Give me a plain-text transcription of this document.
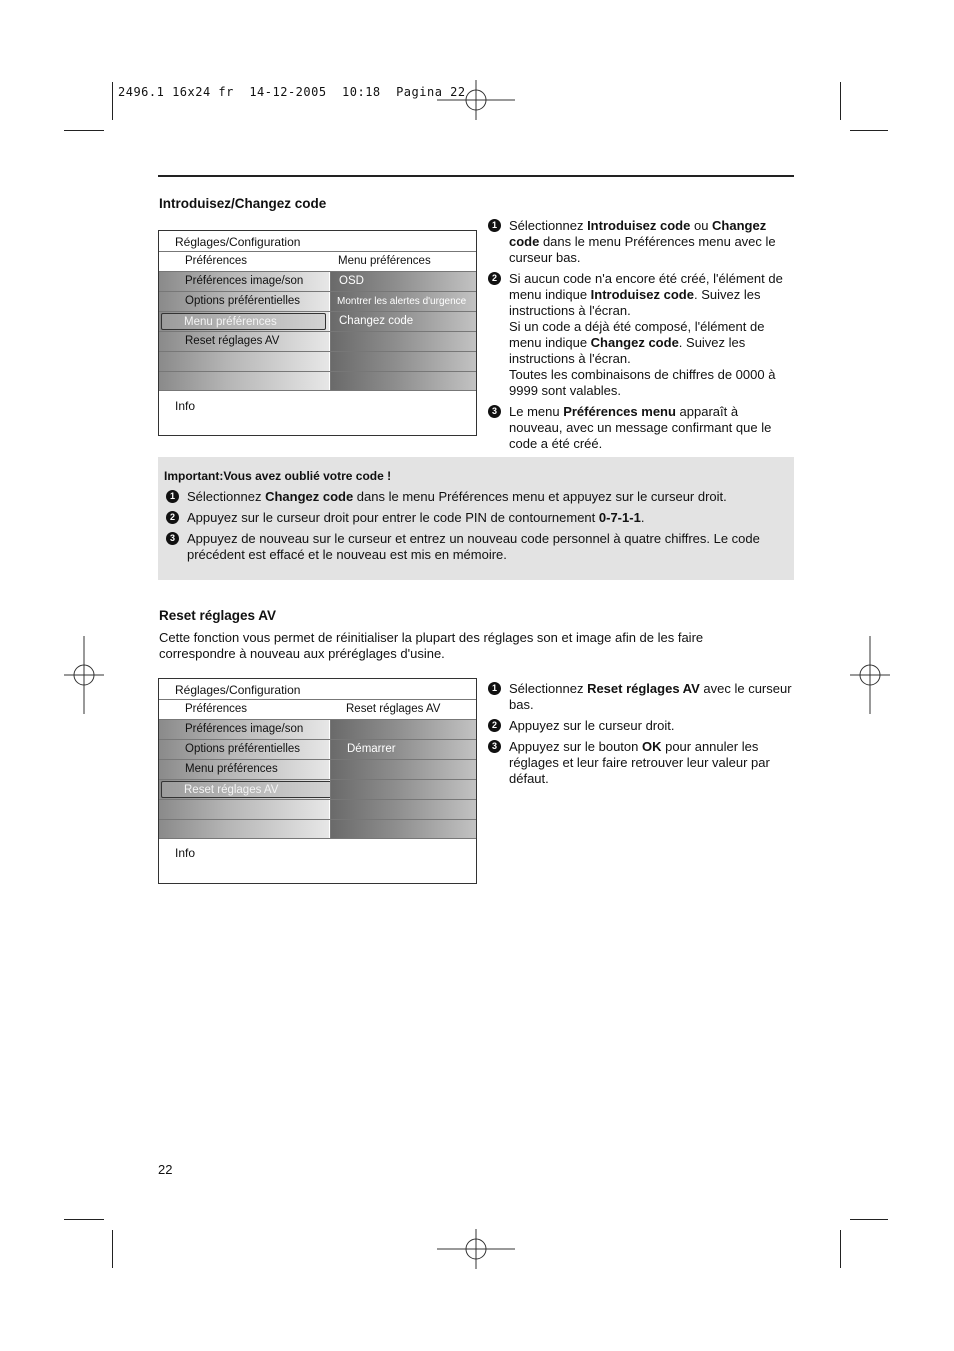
2496.1 16x24 fr  14-12-2005  10:18  Pagina 22
Introduisez/Changez code
Réglages/Configuration
Préférences	Menu préférences
Préférences image/son	OSD
Options préférentielles	Montrer les alertes d'urgence
Menu préférences	Changez code
Reset réglages AV
Info
1 Sélectionnez Introduisez code ou Changez code dans le menu Préférences menu avec le curseur bas.
2 Si aucun code n'a encore été créé, l'élément de menu indique Introduisez code. Suivez les instructions à l'écran.
Si un code a déjà été composé, l'élément de menu indique Changez code. Suivez les instructions à l'écran.
Toutes les combinaisons de chiffres de 0000 à 9999 sont valables.
3 Le menu Préférences menu apparaît à nouveau, avec un message confirmant que le code a été créé.
Important:Vous avez oublié votre code !
1 Sélectionnez Changez code dans le menu Préférences menu et appuyez sur le curseur droit.
2 Appuyez sur le curseur droit pour entrer le code PIN de contournement 0-7-1-1.
3 Appuyez de nouveau sur le curseur et entrez un nouveau code personnel à quatre chiffres. Le code précédent est effacé et le nouveau est mis en mémoire.
Reset réglages AV
Cette fonction vous permet de réinitialiser la plupart des réglages son et image afin de les faire correspondre à nouveau aux préréglages d'usine.
Réglages/Configuration
Préférences	Reset réglages AV
Préférences image/son
Options préférentielles	Démarrer
Menu préférences
Reset réglages AV
Info
1 Sélectionnez Reset réglages AV avec le curseur bas.
2 Appuyez sur le curseur droit.
3 Appuyez sur le bouton OK pour annuler les réglages et leur faire retrouver leur valeur par défaut.
22
